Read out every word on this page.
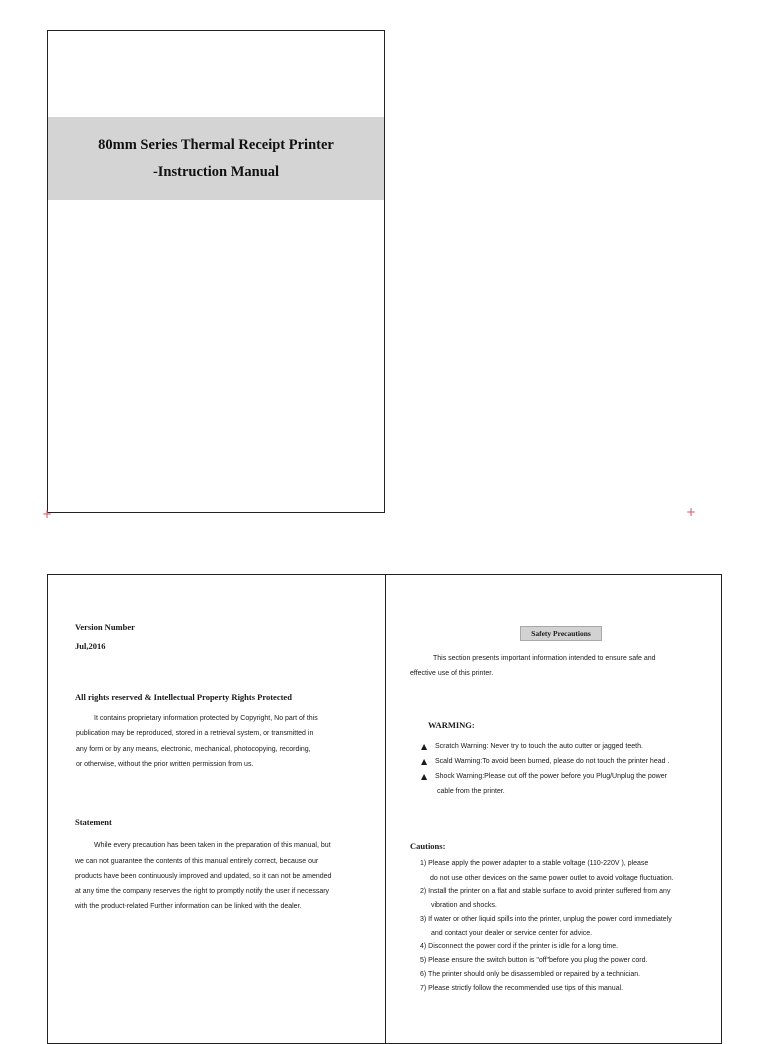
80mm Series Thermal Receipt Printer
-Instruction Manual
+	+
Version Number
Jul,2016
All rights reserved & Intellectual Property Rights Protected
It contains proprietary information protected by Copyright, No part of this
publication may be reproduced, stored in a retrieval system, or transmitted in
any form or by any means, electronic, mechanical, photocopying, recording,
or otherwise, without the prior written permission from us.
Statement
While every precaution has been taken in the preparation of this manual, but
we can not guarantee the contents of this manual entirely correct, because our
products have been continuously improved and updated, so it can not be amended
at any time the company reserves the right to promptly notify the user if necessary
with the product-related Further information can be linked with the dealer.
Safety Precautions
This section presents important information intended to ensure safe and
effective use of this printer.
WARMING:
▲ Scratch Warning: Never try to touch the auto cutter or jagged teeth.
▲ Scald Warning:To avoid been burned, please do not touch the printer head .
▲ Shock Warning:Please cut off the power before you Plug/Unplug the power
cable from the printer.
Cautions:
1) Please apply the power adapter to a stable voltage (110-220V ), please
do not use other devices on the same power outlet to avoid voltage fluctuation.
2) Install the printer on a flat and stable surface to avoid printer suffered from any
vibration and shocks.
3) If water or other liquid spills into the printer, unplug the power cord immediately
and contact your dealer or service center for advice.
4) Disconnect the power cord if the printer is idle for a long time.
5) Please ensure the switch button is "off"before you plug the power cord.
6) The printer should only be disassembled or repaired by a technician.
7) Please strictly follow the recommended use tips of this manual.
